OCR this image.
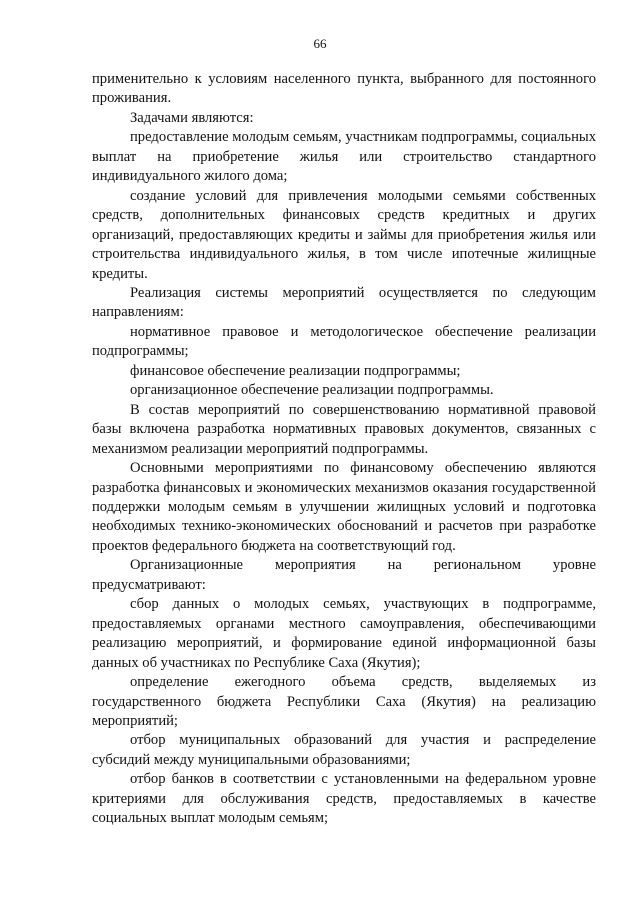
66

применительно к условиям населенного пункта, выбранного для постоянного проживания.

Задачами являются:

предоставление молодым семьям, участникам подпрограммы, социальных выплат на приобретение жилья или строительство стандартного индивидуального жилого дома;

создание условий для привлечения молодыми семьями собственных средств, дополнительных финансовых средств кредитных и других организаций, предоставляющих кредиты и займы для приобретения жилья или строительства индивидуального жилья, в том числе ипотечные жилищные кредиты.

Реализация системы мероприятий осуществляется по следующим направлениям:

нормативное правовое и методологическое обеспечение реализации подпрограммы;

финансовое обеспечение реализации подпрограммы;

организационное обеспечение реализации подпрограммы.

В состав мероприятий по совершенствованию нормативной правовой базы включена разработка нормативных правовых документов, связанных с механизмом реализации мероприятий подпрограммы.

Основными мероприятиями по финансовому обеспечению являются разработка финансовых и экономических механизмов оказания государственной поддержки молодым семьям в улучшении жилищных условий и подготовка необходимых технико-экономических обоснований и расчетов при разработке проектов федерального бюджета на соответствующий год.

Организационные мероприятия на региональном уровне предусматривают:

сбор данных о молодых семьях, участвующих в подпрограмме, предоставляемых органами местного самоуправления, обеспечивающими реализацию мероприятий, и формирование единой информационной базы данных об участниках по Республике Саха (Якутия);

определение ежегодного объема средств, выделяемых из государственного бюджета Республики Саха (Якутия) на реализацию мероприятий;

отбор муниципальных образований для участия и распределение субсидий между муниципальными образованиями;

отбор банков в соответствии с установленными на федеральном уровне критериями для обслуживания средств, предоставляемых в качестве социальных выплат молодым семьям;
